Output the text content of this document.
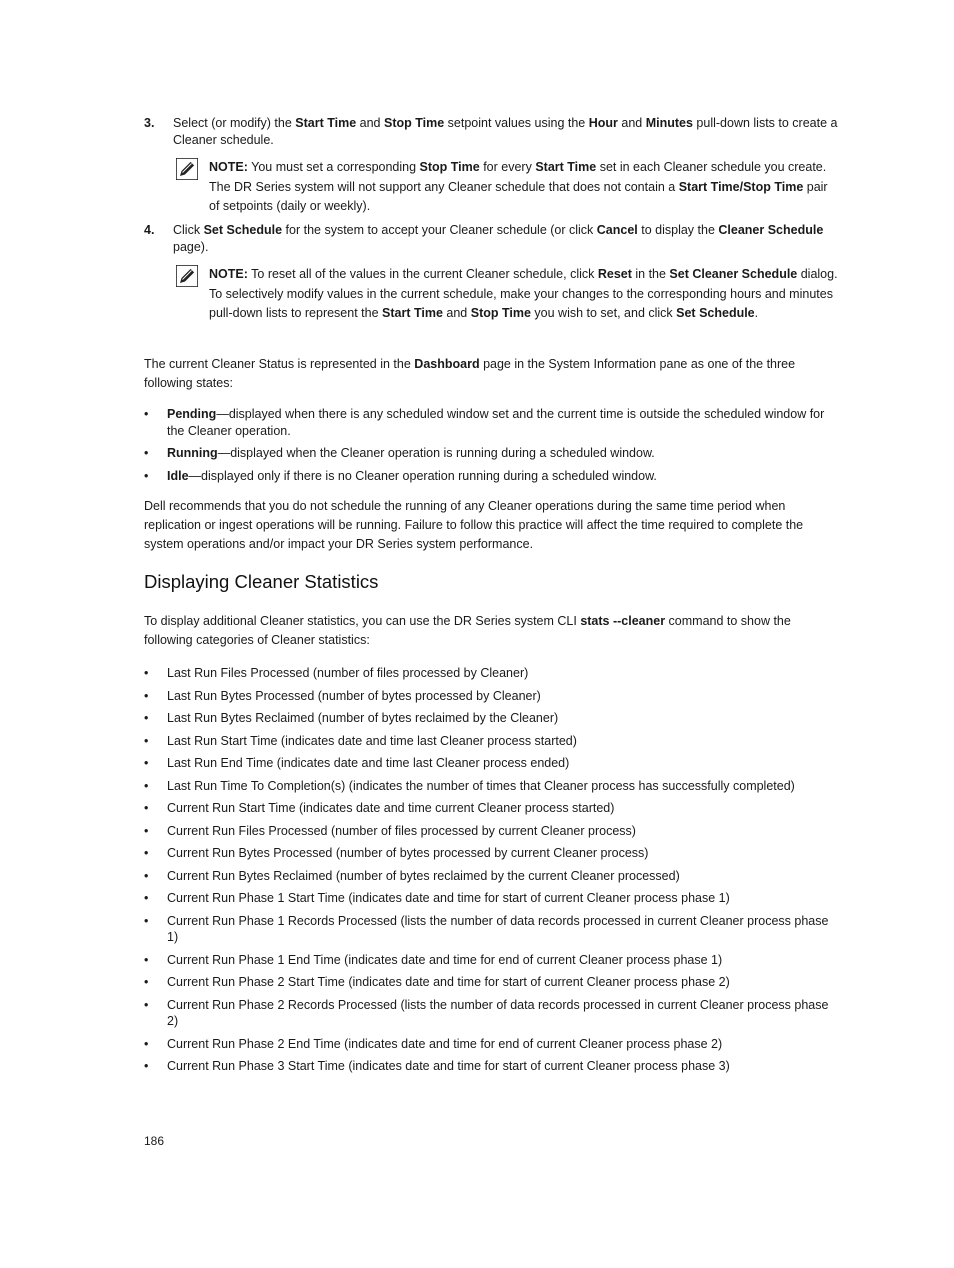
3. Select (or modify) the Start Time and Stop Time setpoint values using the Hour and Minutes pull-down lists to create a Cleaner schedule.
NOTE: You must set a corresponding Stop Time for every Start Time set in each Cleaner schedule you create. The DR Series system will not support any Cleaner schedule that does not contain a Start Time/Stop Time pair of setpoints (daily or weekly).
4. Click Set Schedule for the system to accept your Cleaner schedule (or click Cancel to display the Cleaner Schedule page).
NOTE: To reset all of the values in the current Cleaner schedule, click Reset in the Set Cleaner Schedule dialog. To selectively modify values in the current schedule, make your changes to the corresponding hours and minutes pull-down lists to represent the Start Time and Stop Time you wish to set, and click Set Schedule.
The current Cleaner Status is represented in the Dashboard page in the System Information pane as one of the three following states:
• Pending—displayed when there is any scheduled window set and the current time is outside the scheduled window for the Cleaner operation.
• Running—displayed when the Cleaner operation is running during a scheduled window.
• Idle—displayed only if there is no Cleaner operation running during a scheduled window.
Dell recommends that you do not schedule the running of any Cleaner operations during the same time period when replication or ingest operations will be running. Failure to follow this practice will affect the time required to complete the system operations and/or impact your DR Series system performance.
Displaying Cleaner Statistics
To display additional Cleaner statistics, you can use the DR Series system CLI stats --cleaner command to show the following categories of Cleaner statistics:
• Last Run Files Processed (number of files processed by Cleaner)
• Last Run Bytes Processed (number of bytes processed by Cleaner)
• Last Run Bytes Reclaimed (number of bytes reclaimed by the Cleaner)
• Last Run Start Time (indicates date and time last Cleaner process started)
• Last Run End Time (indicates date and time last Cleaner process ended)
• Last Run Time To Completion(s) (indicates the number of times that Cleaner process has successfully completed)
• Current Run Start Time (indicates date and time current Cleaner process started)
• Current Run Files Processed (number of files processed by current Cleaner process)
• Current Run Bytes Processed (number of bytes processed by current Cleaner process)
• Current Run Bytes Reclaimed (number of bytes reclaimed by the current Cleaner processed)
• Current Run Phase 1 Start Time (indicates date and time for start of current Cleaner process phase 1)
• Current Run Phase 1 Records Processed (lists the number of data records processed in current Cleaner process phase 1)
• Current Run Phase 1 End Time (indicates date and time for end of current Cleaner process phase 1)
• Current Run Phase 2 Start Time (indicates date and time for start of current Cleaner process phase 2)
• Current Run Phase 2 Records Processed (lists the number of data records processed in current Cleaner process phase 2)
• Current Run Phase 2 End Time (indicates date and time for end of current Cleaner process phase 2)
• Current Run Phase 3 Start Time (indicates date and time for start of current Cleaner process phase 3)
186
